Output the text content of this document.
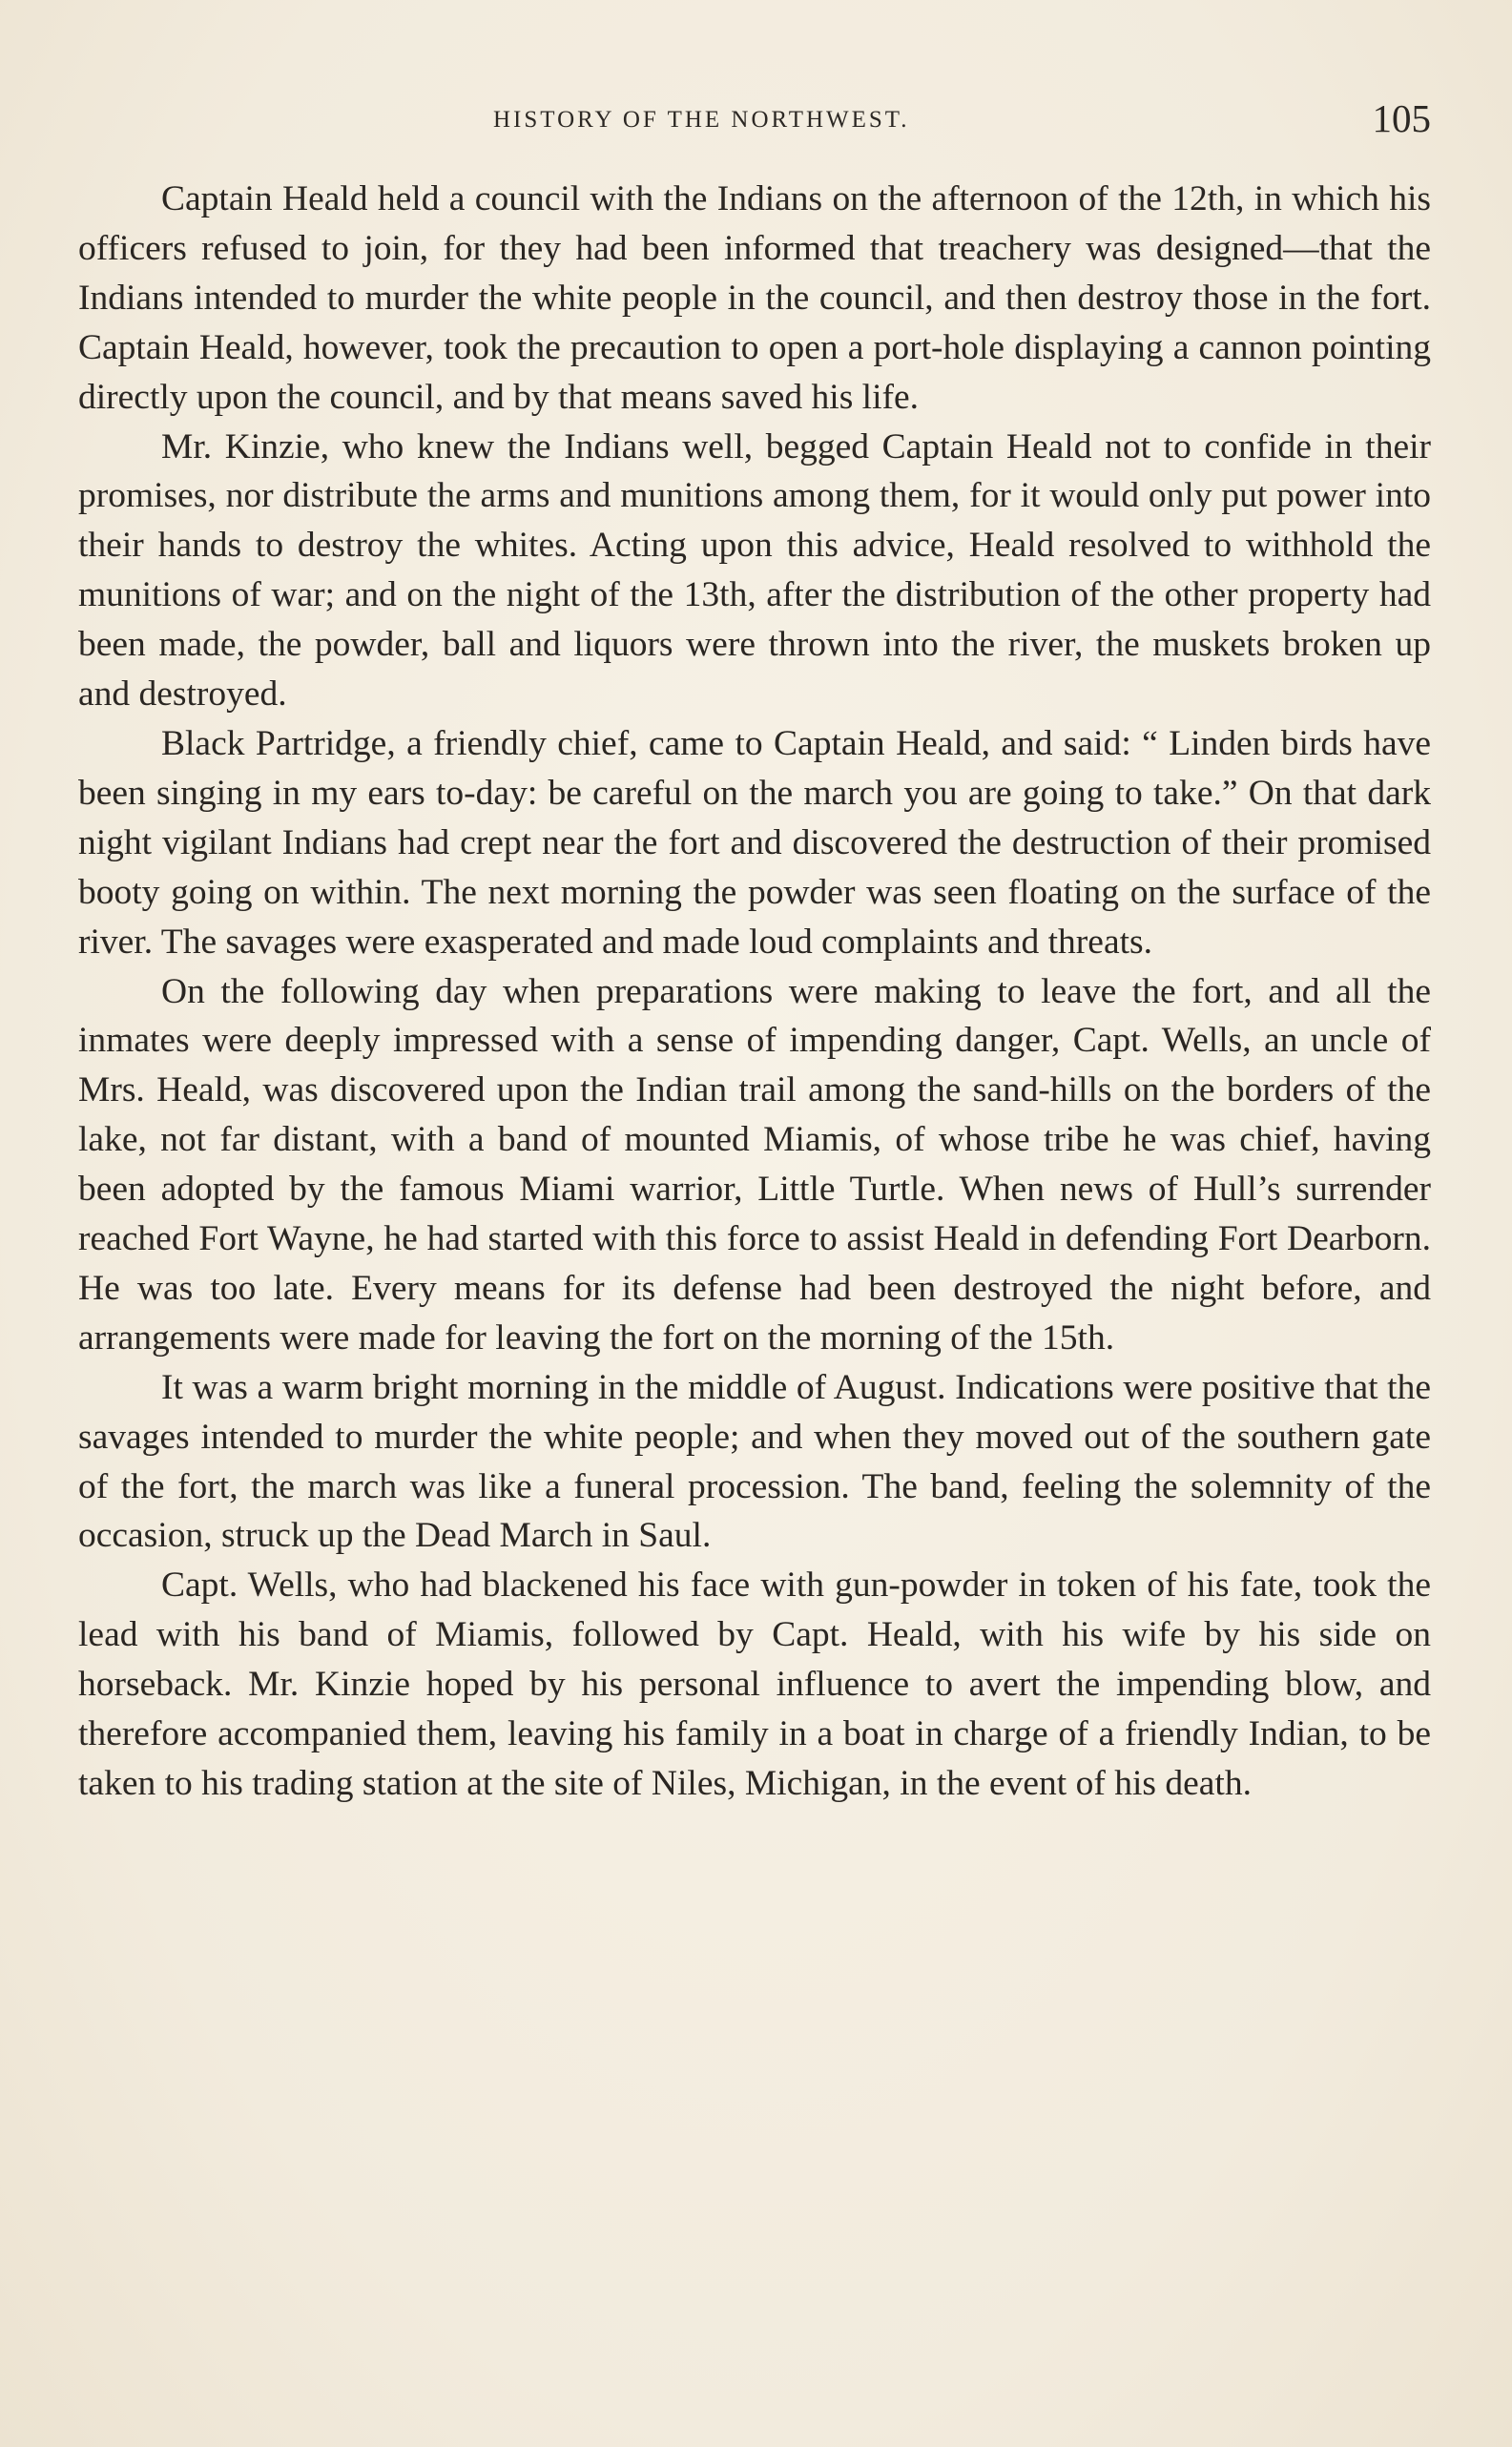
HISTORY OF THE NORTHWEST.	105

Captain Heald held a council with the Indians on the afternoon of the 12th, in which his officers refused to join, for they had been informed that treachery was designed—that the Indians intended to murder the white people in the council, and then destroy those in the fort. Captain Heald, however, took the precaution to open a port-hole displaying a cannon pointing directly upon the council, and by that means saved his life.

Mr. Kinzie, who knew the Indians well, begged Captain Heald not to confide in their promises, nor distribute the arms and munitions among them, for it would only put power into their hands to destroy the whites. Acting upon this advice, Heald resolved to withhold the munitions of war; and on the night of the 13th, after the distribution of the other property had been made, the powder, ball and liquors were thrown into the river, the muskets broken up and destroyed.

Black Partridge, a friendly chief, came to Captain Heald, and said: “ Linden birds have been singing in my ears to-day: be careful on the march you are going to take.” On that dark night vigilant Indians had crept near the fort and discovered the destruction of their promised booty going on within. The next morning the powder was seen floating on the surface of the river. The savages were exasperated and made loud complaints and threats.

On the following day when preparations were making to leave the fort, and all the inmates were deeply impressed with a sense of impending danger, Capt. Wells, an uncle of Mrs. Heald, was discovered upon the Indian trail among the sand-hills on the borders of the lake, not far distant, with a band of mounted Miamis, of whose tribe he was chief, having been adopted by the famous Miami warrior, Little Turtle. When news of Hull’s surrender reached Fort Wayne, he had started with this force to assist Heald in defending Fort Dearborn. He was too late. Every means for its defense had been destroyed the night before, and arrangements were made for leaving the fort on the morning of the 15th.

It was a warm bright morning in the middle of August. Indications were positive that the savages intended to murder the white people; and when they moved out of the southern gate of the fort, the march was like a funeral procession. The band, feeling the solemnity of the occasion, struck up the Dead March in Saul.

Capt. Wells, who had blackened his face with gun-powder in token of his fate, took the lead with his band of Miamis, followed by Capt. Heald, with his wife by his side on horseback. Mr. Kinzie hoped by his personal influence to avert the impending blow, and therefore accompanied them, leaving his family in a boat in charge of a friendly Indian, to be taken to his trading station at the site of Niles, Michigan, in the event of his death.
